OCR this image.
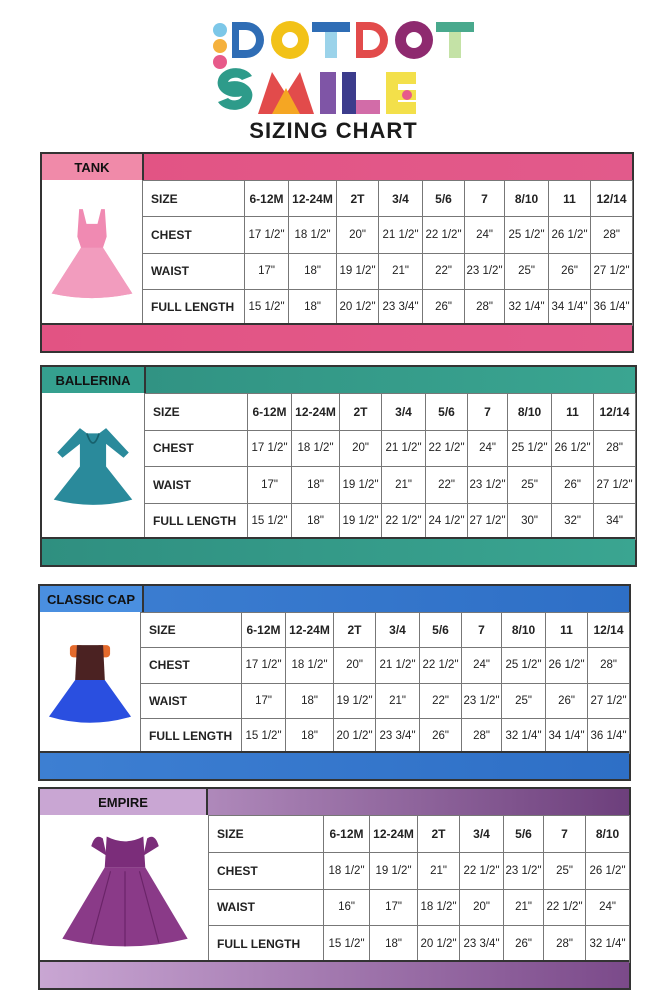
SIZING CHART
TANK
SIZE	6-12M	12-24M	2T	3/4	5/6	7	8/10	11	12/14
CHEST	17 1/2"	18 1/2"	20"	21 1/2"	22 1/2"	24"	25 1/2"	26 1/2"	28"
WAIST	17"	18"	19 1/2"	21"	22"	23 1/2"	25"	26"	27 1/2"
FULL LENGTH	15 1/2"	18"	20 1/2"	23 3/4"	26"	28"	32 1/4"	34 1/4"	36 1/4"
BALLERINA
SIZE	6-12M	12-24M	2T	3/4	5/6	7	8/10	11	12/14
CHEST	17 1/2"	18 1/2"	20"	21 1/2"	22 1/2"	24"	25 1/2"	26 1/2"	28"
WAIST	17"	18"	19 1/2"	21"	22"	23 1/2"	25"	26"	27 1/2"
FULL LENGTH	15 1/2"	18"	19 1/2"	22 1/2"	24 1/2"	27 1/2"	30"	32"	34"
CLASSIC CAP
SIZE	6-12M	12-24M	2T	3/4	5/6	7	8/10	11	12/14
CHEST	17 1/2"	18 1/2"	20"	21 1/2"	22 1/2"	24"	25 1/2"	26 1/2"	28"
WAIST	17"	18"	19 1/2"	21"	22"	23 1/2"	25"	26"	27 1/2"
FULL LENGTH	15 1/2"	18"	20 1/2"	23 3/4"	26"	28"	32 1/4"	34 1/4"	36 1/4"
EMPIRE
SIZE	6-12M	12-24M	2T	3/4	5/6	7	8/10
CHEST	18 1/2"	19 1/2"	21"	22 1/2"	23 1/2"	25"	26 1/2"
WAIST	16"	17"	18 1/2"	20"	21"	22 1/2"	24"
FULL LENGTH	15 1/2"	18"	20 1/2"	23 3/4"	26"	28"	32 1/4"
